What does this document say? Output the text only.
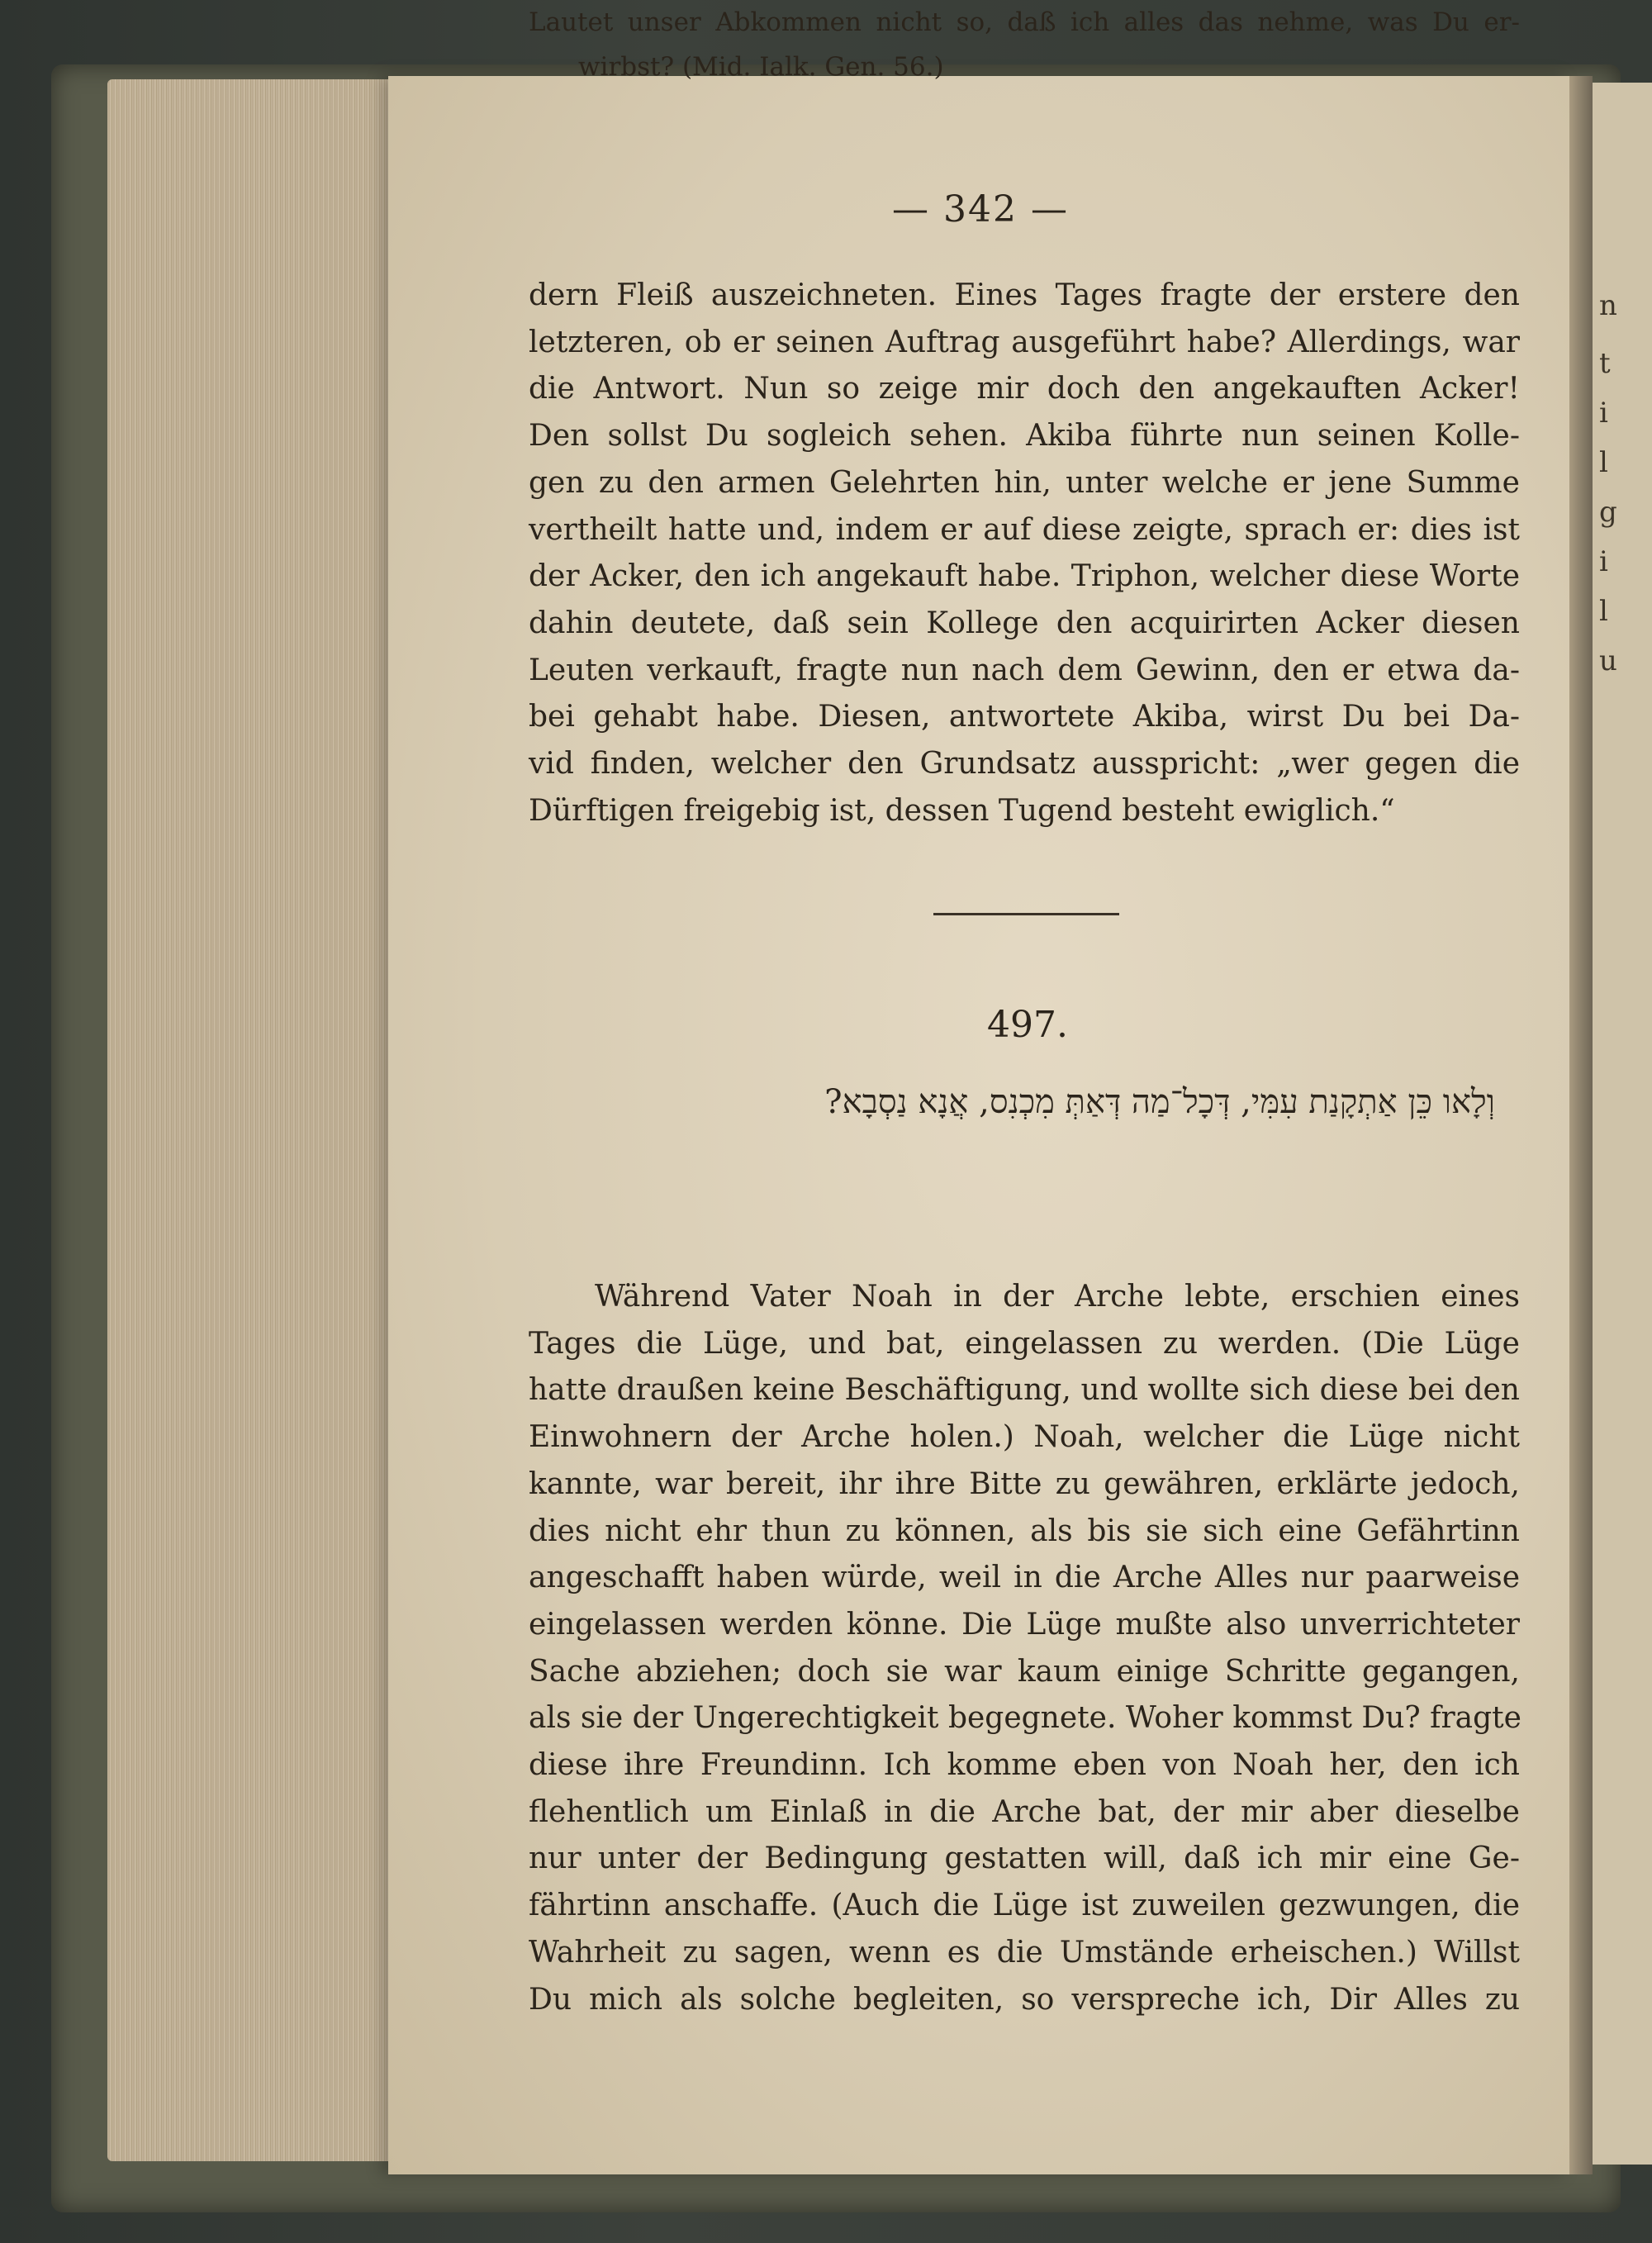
n
t
i
l
g
i
l
u
— 342 —
dern Fleiß auszeichneten. Eines Tages fragte der erstere den
letzteren, ob er seinen Auftrag ausgeführt habe? Allerdings, war
die Antwort. Nun so zeige mir doch den angekauften Acker!
Den sollst Du sogleich sehen. Akiba führte nun seinen Kolle-
gen zu den armen Gelehrten hin, unter welche er jene Summe
vertheilt hatte und, indem er auf diese zeigte, sprach er: dies ist
der Acker, den ich angekauft habe. Triphon, welcher diese Worte
dahin deutete, daß sein Kollege den acquirirten Acker diesen
Leuten verkauft, fragte nun nach dem Gewinn, den er etwa da-
bei gehabt habe. Diesen, antwortete Akiba, wirst Du bei Da-
vid finden, welcher den Grundsatz ausspricht: „wer gegen die
Dürftigen freigebig ist, dessen Tugend besteht ewiglich.“
497.
וְלָאו כֵּן אַתְקָנַת עִמִּי, דְּכָל־מַה דְּאַתְּ מִכְנִס, אֲנָא נַסְבָא?
Lautet unser Abkommen nicht so, daß ich alles das nehme, was Du er-
wirbst? (Mid. Ialk. Gen. 56.)
Während Vater Noah in der Arche lebte, erschien eines
Tages die Lüge, und bat, eingelassen zu werden. (Die Lüge
hatte draußen keine Beschäftigung, und wollte sich diese bei den
Einwohnern der Arche holen.) Noah, welcher die Lüge nicht
kannte, war bereit, ihr ihre Bitte zu gewähren, erklärte jedoch,
dies nicht ehr thun zu können, als bis sie sich eine Gefährtinn
angeschafft haben würde, weil in die Arche Alles nur paarweise
eingelassen werden könne. Die Lüge mußte also unverrichteter
Sache abziehen; doch sie war kaum einige Schritte gegangen,
als sie der Ungerechtigkeit begegnete. Woher kommst Du? fragte
diese ihre Freundinn. Ich komme eben von Noah her, den ich
flehentlich um Einlaß in die Arche bat, der mir aber dieselbe
nur unter der Bedingung gestatten will, daß ich mir eine Ge-
fährtinn anschaffe. (Auch die Lüge ist zuweilen gezwungen, die
Wahrheit zu sagen, wenn es die Umstände erheischen.) Willst
Du mich als solche begleiten, so verspreche ich, Dir Alles zu
